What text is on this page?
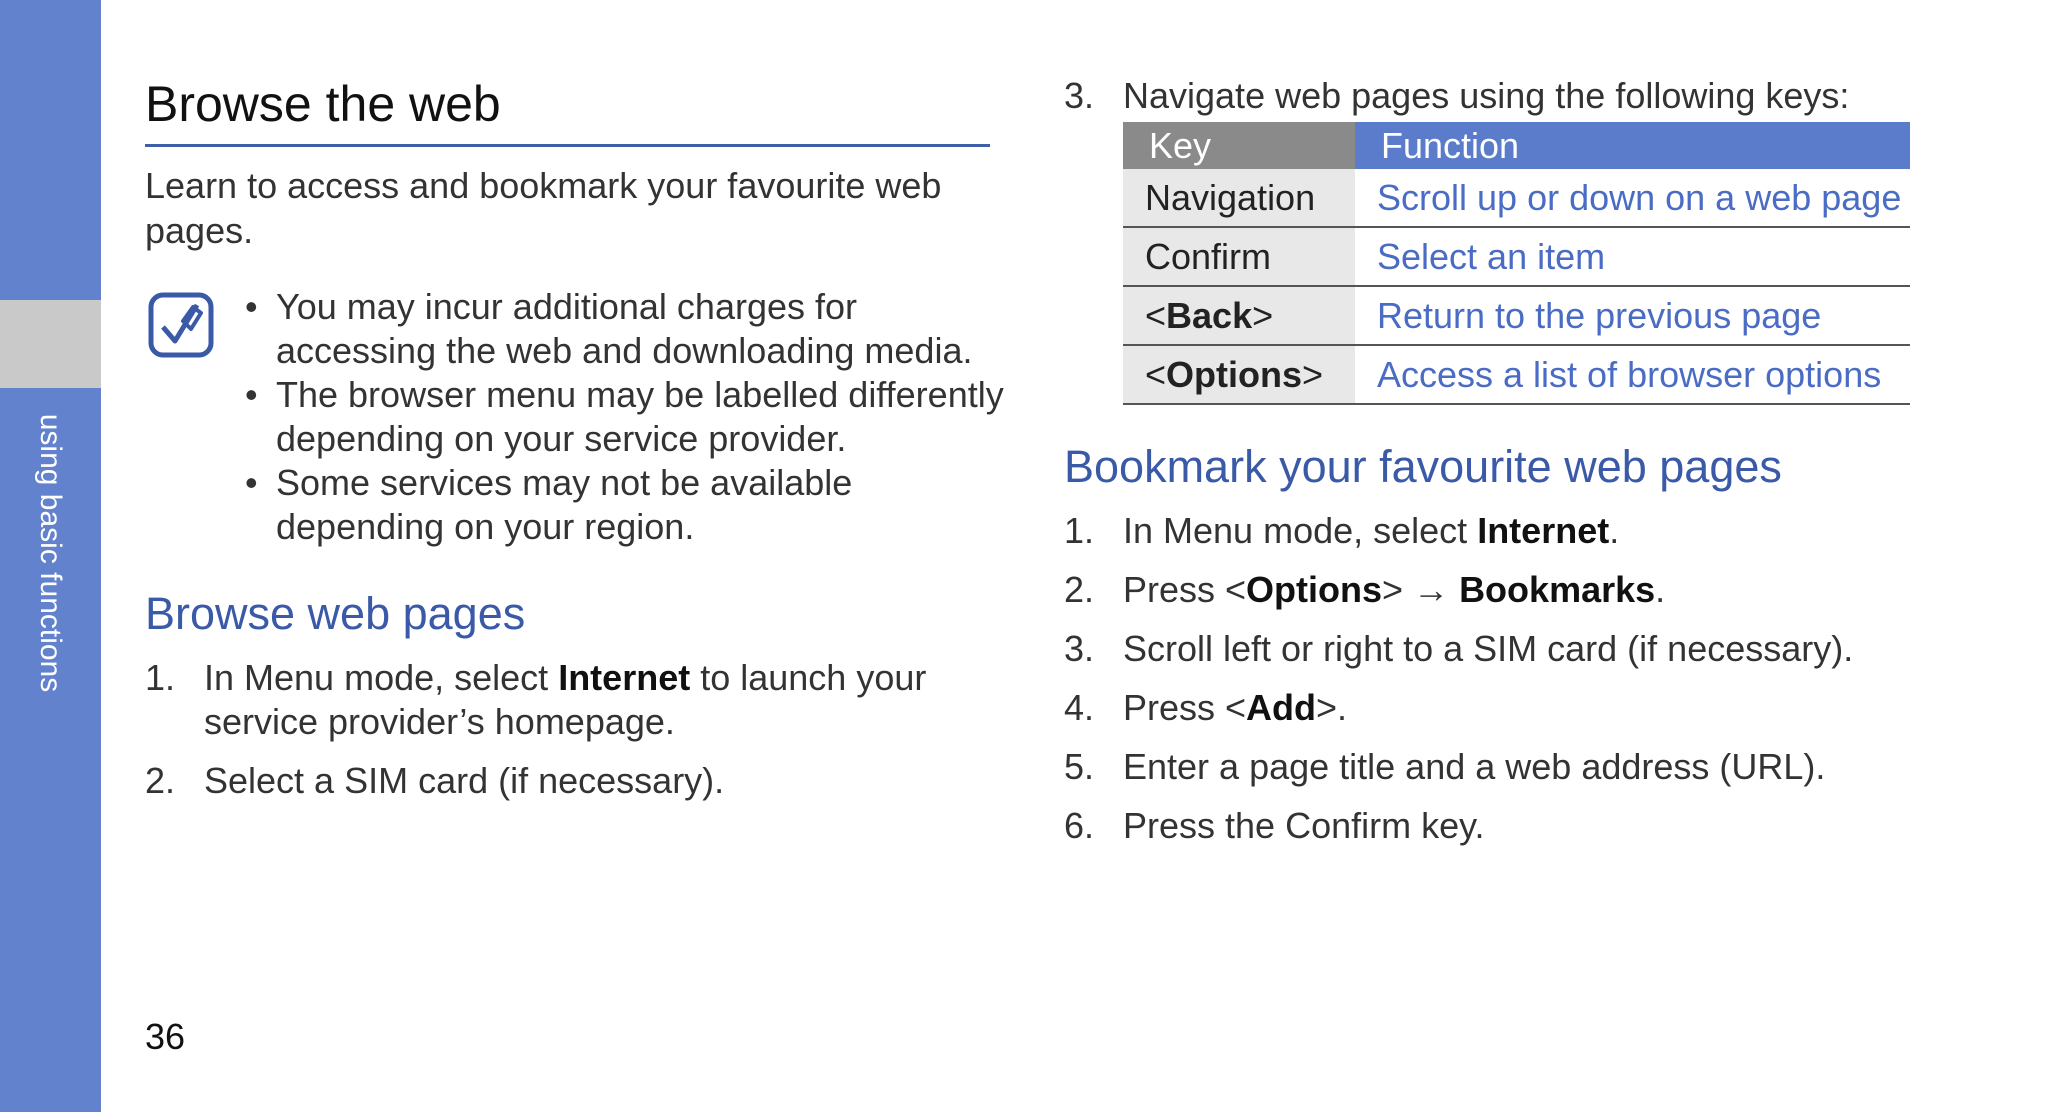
using basic functions
Browse the web

Learn to access and bookmark your favourite web pages.

• You may incur additional charges for accessing the web and downloading media.
• The browser menu may be labelled differently depending on your service provider.
• Some services may not be available depending on your region.
Browse web pages
1. In Menu mode, select Internet to launch your service provider’s homepage.
2. Select a SIM card (if necessary).
3. Navigate web pages using the following keys:
Key	Function
Navigation	Scroll up or down on a web page
Confirm	Select an item
<Back>	Return to the previous page
<Options>	Access a list of browser options
Bookmark your favourite web pages
1. In Menu mode, select Internet.
2. Press <Options> → Bookmarks.
3. Scroll left or right to a SIM card (if necessary).
4. Press <Add>.
5. Enter a page title and a web address (URL).
6. Press the Confirm key.
36
